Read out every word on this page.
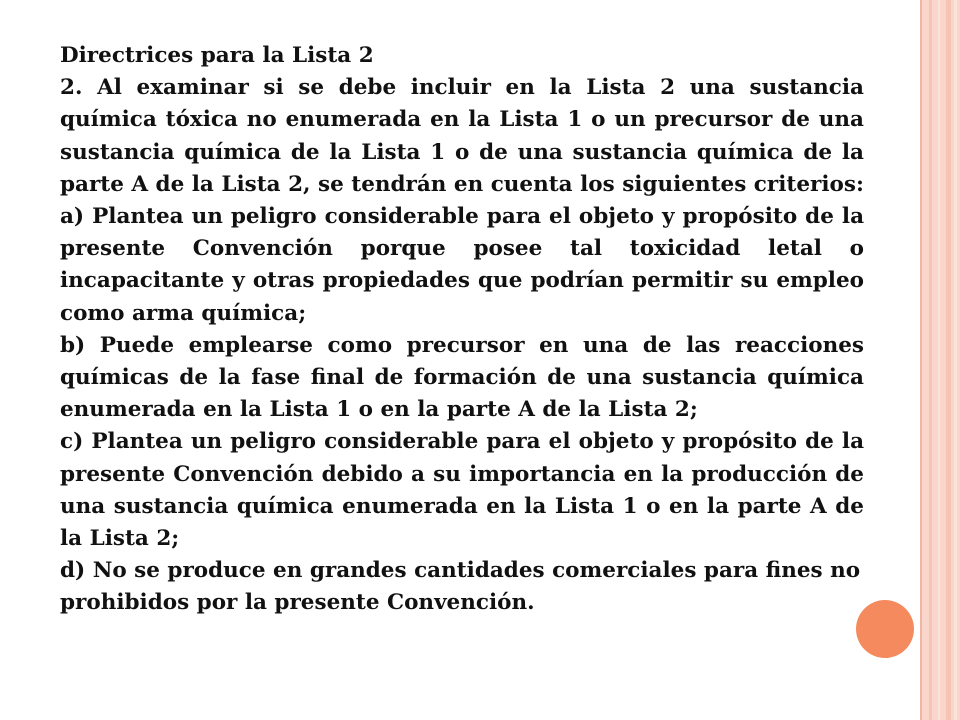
Directrices para la Lista 2

2. Al examinar si se debe incluir en la Lista 2 una sustancia química tóxica no enumerada en la Lista 1 o un precursor de una sustancia química de la Lista 1 o de una sustancia química de la parte A de la Lista 2, se tendrán en cuenta los siguientes criterios:

a) Plantea un peligro considerable para el objeto y propósito de la presente Convención porque posee tal toxicidad letal o incapacitante y otras propiedades que podrían permitir su empleo como arma química;

b) Puede emplearse como precursor en una de las reacciones químicas de la fase final de formación de una sustancia química enumerada en la Lista 1 o en la parte A de la Lista 2;

c) Plantea un peligro considerable para el objeto y propósito de la presente Convención debido a su importancia en la producción de una sustancia química enumerada en la Lista 1 o en la parte A de la Lista 2;

d) No se produce en grandes cantidades comerciales para fines no prohibidos por la presente Convención.
